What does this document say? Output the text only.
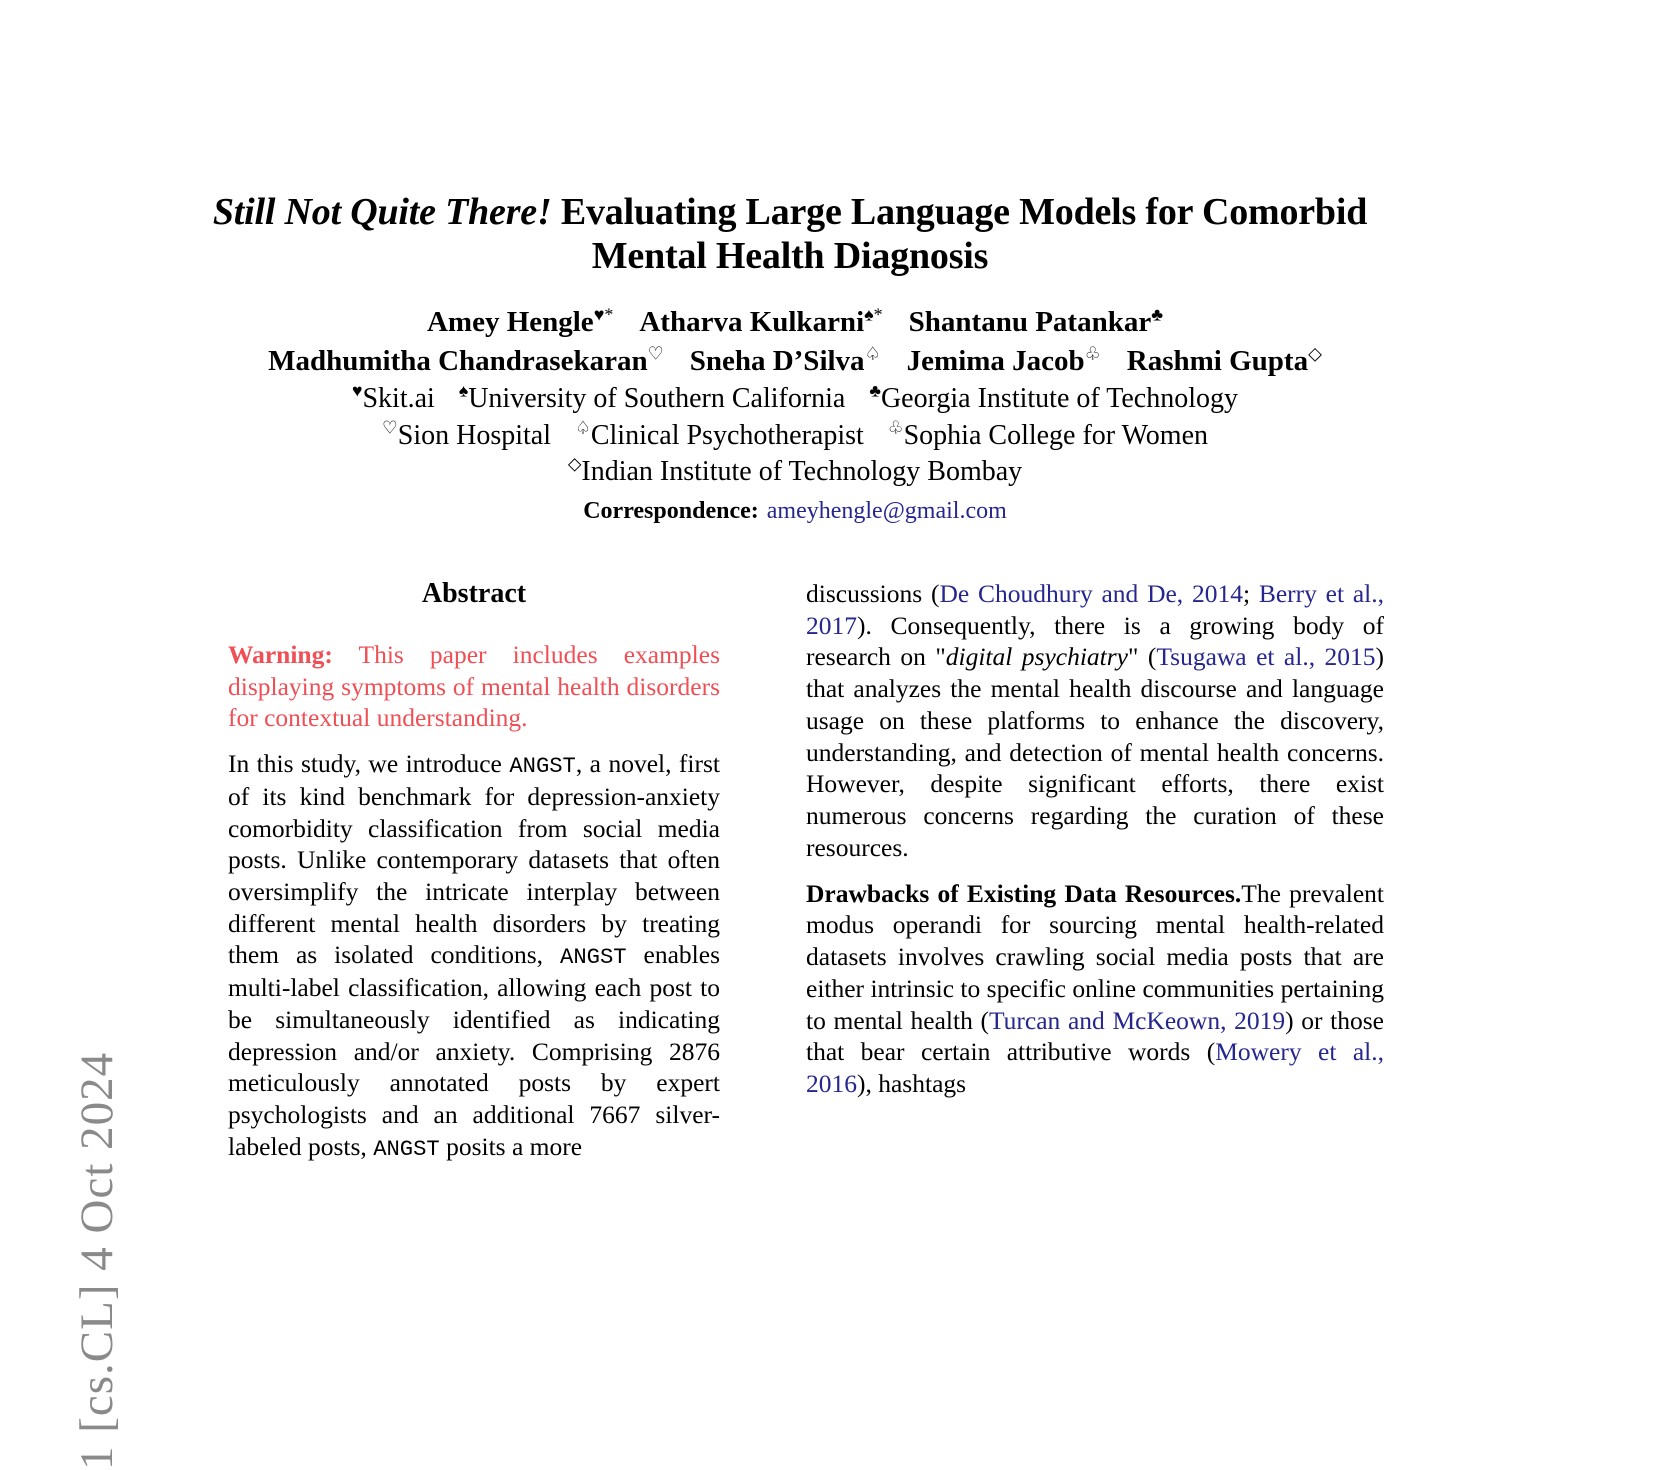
1 [cs.CL] 4 Oct 2024
Still Not Quite There! Evaluating Large Language Models for Comorbid Mental Health Diagnosis
Amey Hengle♥* Atharva Kulkarni♠* Shantanu Patankar♣
Madhumitha Chandrasekaran♡ Sneha D’Silva♤ Jemima Jacob♧ Rashmi Gupta◇
♥Skit.ai ♠University of Southern California ♣Georgia Institute of Technology
♡Sion Hospital ♤Clinical Psychotherapist ♧Sophia College for Women
◇Indian Institute of Technology Bombay
Correspondence: ameyhengle@gmail.com
Abstract

Warning: This paper includes examples displaying symptoms of mental health disorders for contextual understanding.

In this study, we introduce ANGST, a novel, first of its kind benchmark for depression-anxiety comorbidity classification from social media posts. Unlike contemporary datasets that often oversimplify the intricate interplay between different mental health disorders by treating them as isolated conditions, ANGST enables multi-label classification, allowing each post to be simultaneously identified as indicating depression and/or anxiety. Comprising 2876 meticulously annotated posts by expert psychologists and an additional 7667 silver-labeled posts, ANGST posits a more

discussions (De Choudhury and De, 2014; Berry et al., 2017). Consequently, there is a growing body of research on "digital psychiatry" (Tsugawa et al., 2015) that analyzes the mental health discourse and language usage on these platforms to enhance the discovery, understanding, and detection of mental health concerns. However, despite significant efforts, there exist numerous concerns regarding the curation of these resources.

Drawbacks of Existing Data Resources.The prevalent modus operandi for sourcing mental health-related datasets involves crawling social media posts that are either intrinsic to specific online communities pertaining to mental health (Turcan and McKeown, 2019) or those that bear certain attributive words (Mowery et al., 2016), hashtags
